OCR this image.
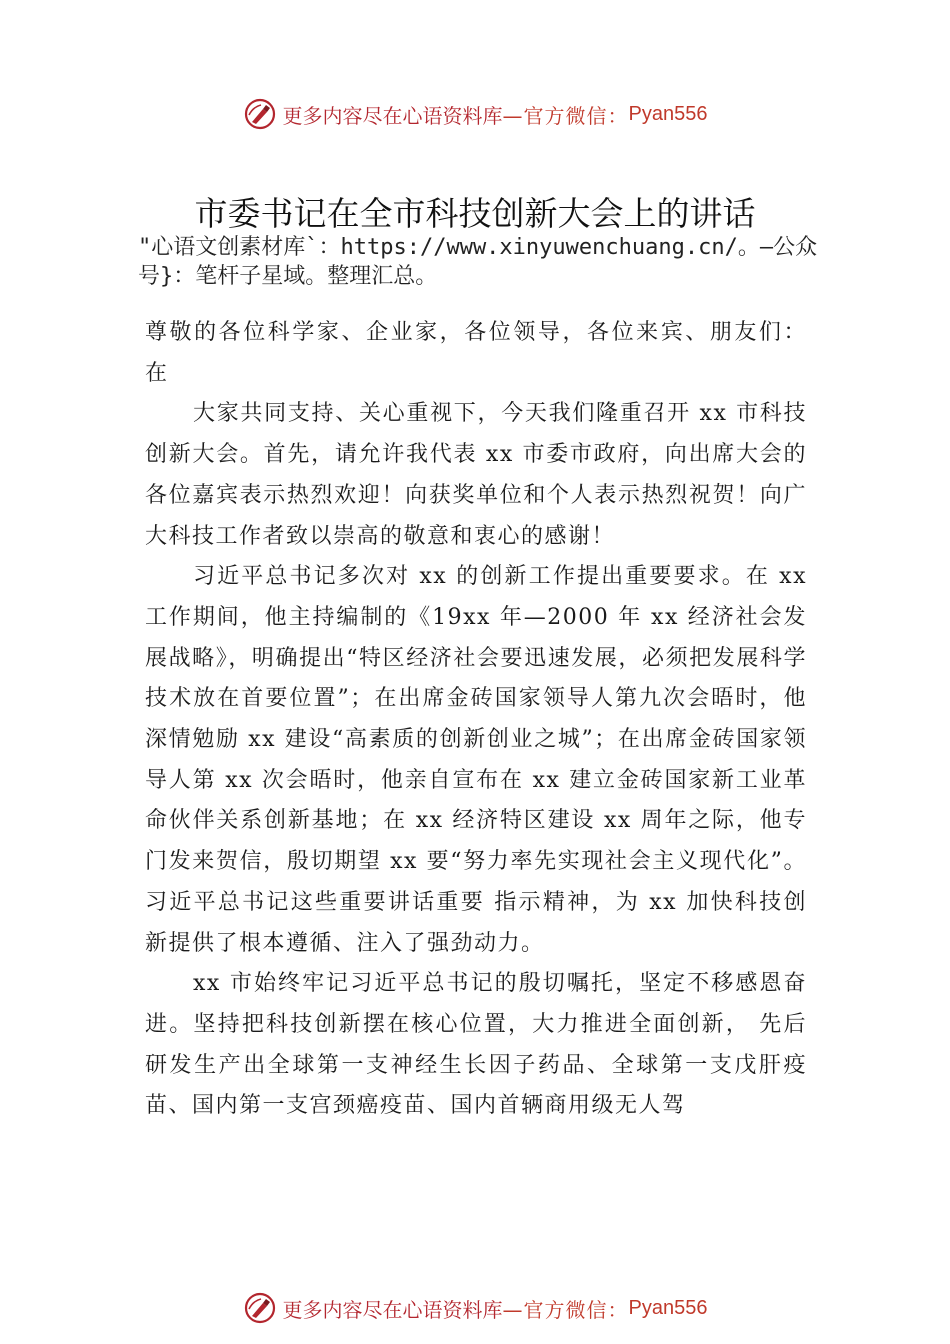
更多内容尽在心语资料库 —官方微信： Pyan556
市委书记在全市科技创新大会上的讲话
"心语文创素材库`：https://www.xinyuwenchuang.cn/。—公众号}：笔杆子星域。整理汇总。

尊敬的各位科学家、企业家，各位领导，各位来宾、朋友们： 在

大家共同支持、关心重视下，今天我们隆重召开 xx 市科技创新大会。首先，请允许我代表 xx 市委市政府，向出席大会的各位嘉宾表示热烈欢迎！向获奖单位和个人表示热烈祝贺！向广大科技工作者致以崇高的敬意和衷心的感谢！

习近平总书记多次对 xx 的创新工作提出重要要求。在 xx 工作期间，他主持编制的《19xx 年—2000 年 xx 经济社会发展战略》，明确提出“特区经济社会要迅速发展，必须把发展科学技术放在首要位置”；在出席金砖国家领导人第九次会晤时，他深情勉励 xx 建设“高素质的创新创业之城”；在出席金砖国家领导人第 xx 次会晤时，他亲自宣布在 xx 建立金砖国家新工业革命伙伴关系创新基地；在 xx 经济特区建设 xx 周年之际，他专门发来贺信，殷切期望 xx 要“努力率先实现社会主义现代化”。习近平总书记这些重要讲话重要 指示精神，为 xx 加快科技创新提供了根本遵循、注入了强劲动力。

xx 市始终牢记习近平总书记的殷切嘱托，坚定不移感恩奋进。坚持把科技创新摆在核心位置，大力推进全面创新， 先后研发生产出全球第一支神经生长因子药品、全球第一支戊肝疫苗、国内第一支宫颈癌疫苗、国内首辆商用级无人驾

更多内容尽在心语资料库 —官方微信： Pyan556
